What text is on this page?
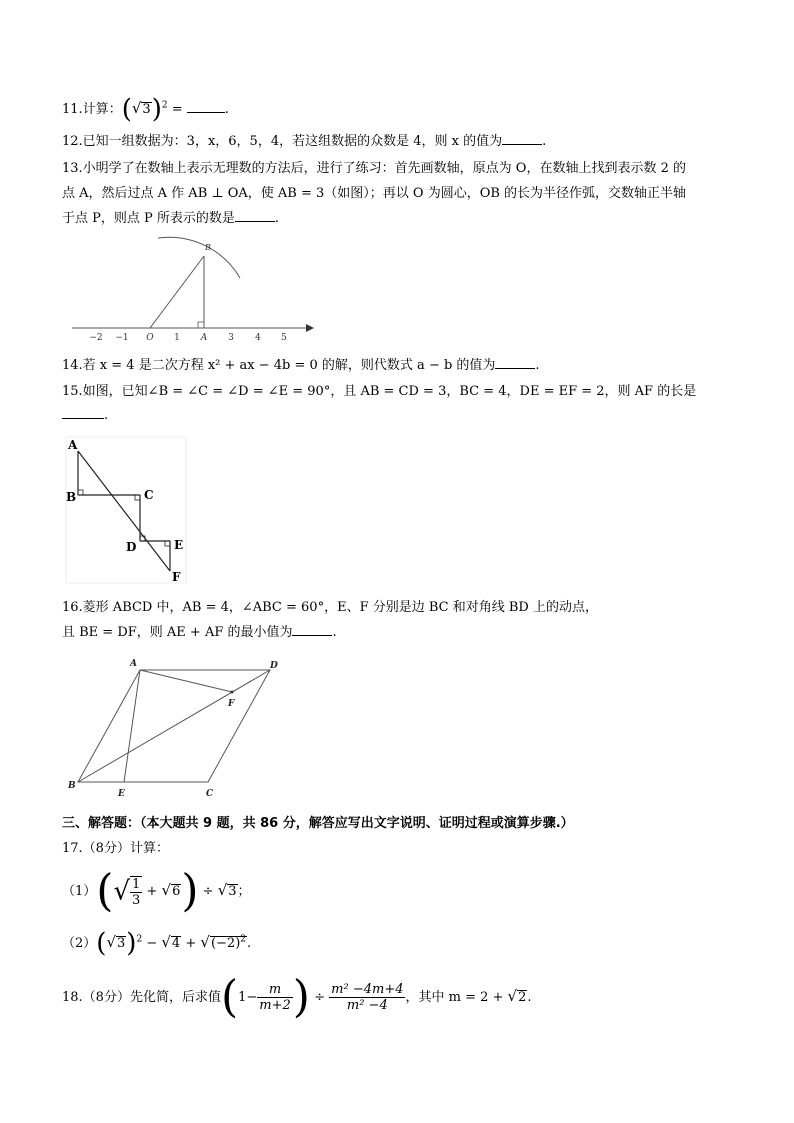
11.计算：$(√3)^2$ =	.
12.已知一组数据为：3，x，6，5，4，若这组数据的众数是 4，则 x 的值为	.
13.小明学了在数轴上表示无理数的方法后，进行了练习：首先画数轴，原点为 O，在数轴上找到表示数 2 的
点 A，然后过点 A 作 AB ⊥ OA，使 AB = 3（如图）；再以 O 为圆心，OB 的长为半径作弧，交数轴正半轴
于点 P，则点 P 所表示的数是	.
−2 −1 O 1 A 3 4 5
B
14.若 x = 4 是二次方程 x² + ax − 4b = 0 的解，则代数式 a − b 的值为	.
15.如图，已知∠B = ∠C = ∠D = ∠E = 90°，且 AB = CD = 3，BC = 4，DE = EF = 2，则 AF 的长是
.
A
B	C
D	E
F
16.菱形 ABCD 中，AB = 4，∠ABC = 60°，E、F 分别是边 BC 和对角线 BD 上的动点，
且 BE = DF，则 AE + AF 的最小值为	.
A	D
F
B
E	C
三、解答题：（本大题共 9 题，共 86 分，解答应写出文字说明、证明过程或演算步骤.）
17.（8分）计算：
$(1)(√ \frac{1}{3} + √6) \div √3$；
$(2)(√3)^2 - √4 + √(-2)^2$.
18.（8分）先化简，后求值($1- \frac{m}{m+2}$ ) ÷ $\frac{\text{m² −4m+4}}{\text{m² −4}}$ ，其中 m = 2 + √2.
